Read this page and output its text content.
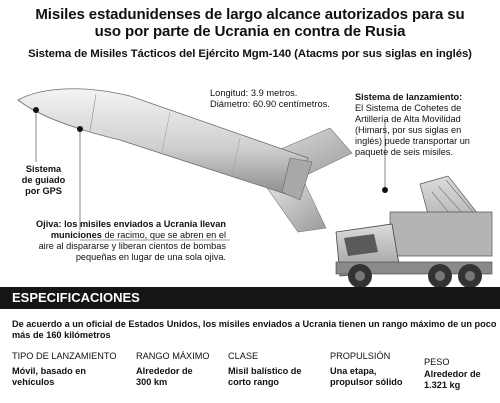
Misiles estadunidenses de largo alcance autorizados para su
uso por parte de Ucrania en contra de Rusia
Sistema de Misiles Tácticos del Ejército Mgm-140 (Atacms por sus siglas en inglés)
Longitud: 3.9 metros.
Diámetro: 60.90 centímetros.
Sistema
de guiado
por GPS
Ojiva: los misiles enviados a Ucrania llevan
municiones de racimo, que se abren en el
aire al dispararse y liberan cientos de bombas
pequeñas en lugar de una sola ojiva.
Sistema de lanzamiento:
El Sistema de Cohetes de
Artillería de Alta Movilidad
(Himars, por sus siglas en
inglés) puede transportar un
paquete de seis misiles.
ESPECIFICACIONES
De acuerdo a un oficial de Estados Unidos, los misiles enviados a Ucrania tienen un rango máximo de un poco
más de 160 kilómetros
TIPO DE LANZAMIENTO
Móvil, basado en
vehículos
RANGO MÁXIMO
Alrededor de
300 km
CLASE
Misil balístico de
corto rango
PROPULSIÓN
Una etapa,
propulsor sólido
PESO
Alrededor de
1.321 kg
